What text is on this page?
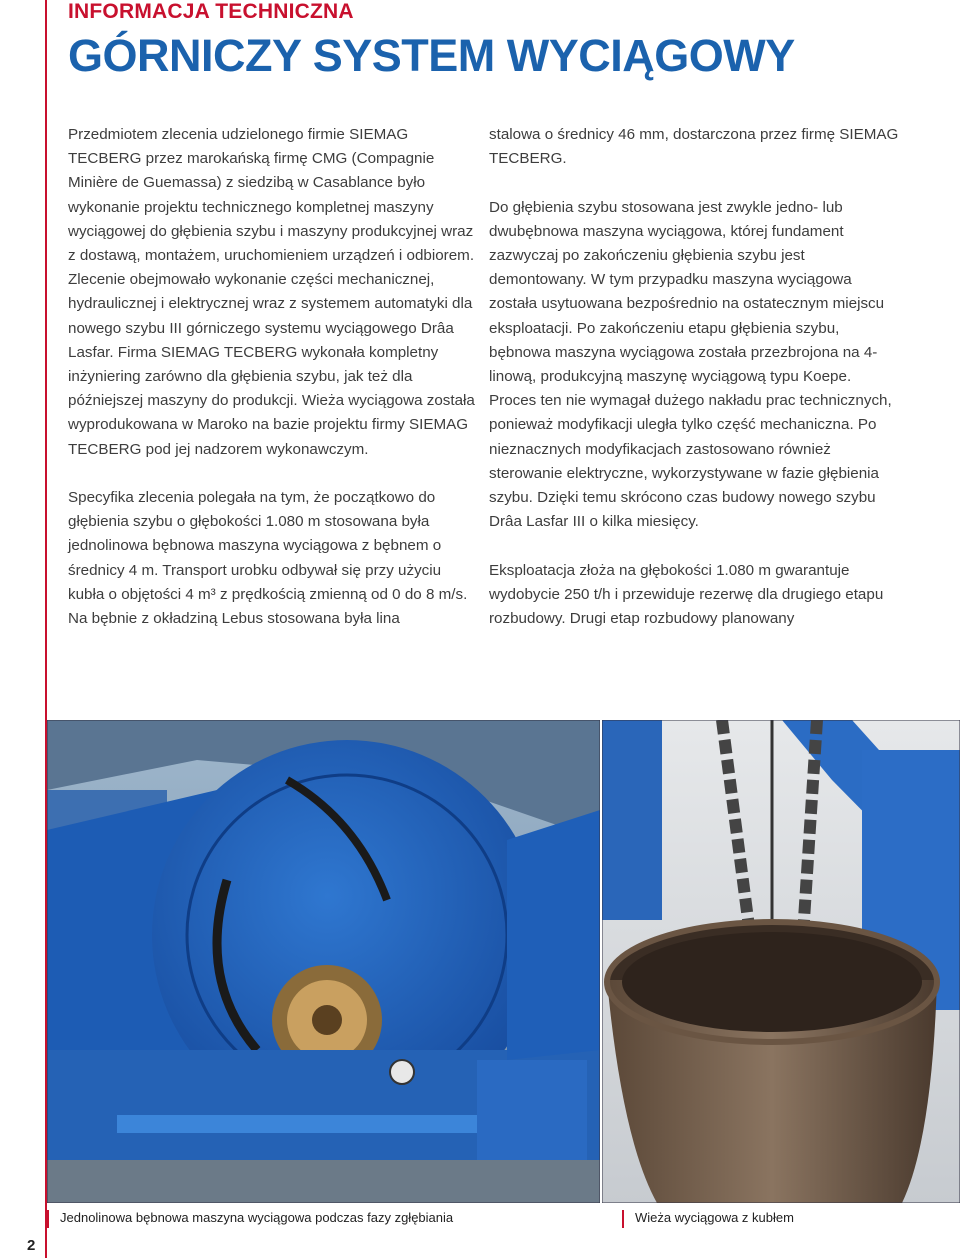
INFORMACJA TECHNICZNA
GÓRNICZY SYSTEM WYCIĄGOWY

Przedmiotem zlecenia udzielonego firmie SIEMAG TECBERG przez marokańską firmę CMG (Compagnie Minière de Guemassa) z siedzibą w Casablance było wykonanie projektu technicznego kompletnej maszyny wyciągowej do głębienia szybu i maszyny produkcyjnej wraz z dostawą, montażem, uruchomieniem urządzeń i odbiorem. Zlecenie obejmowało wykonanie części mechanicznej, hydraulicznej i elektrycznej wraz z systemem automatyki dla nowego szybu III górniczego systemu wyciągowego Drâa Lasfar. Firma SIEMAG TECBERG wykonała kompletny inżyniering zarówno dla głębienia szybu, jak też dla późniejszej maszyny do produkcji. Wieża wyciągowa została wyprodukowana w Maroko na bazie projektu firmy SIEMAG TECBERG pod jej nadzorem wykonawczym.

Specyfika zlecenia polegała na tym, że początkowo do głębienia szybu o głębokości 1.080 m stosowana była jednolinowa bębnowa maszyna wyciągowa z bębnem o średnicy 4 m. Transport urobku odbywał się przy użyciu kubła o objętości 4 m³ z prędkością zmienną od 0 do 8 m/s. Na bębnie z okładziną Lebus stosowana była lina

stalowa o średnicy 46 mm, dostarczona przez firmę SIEMAG TECBERG.

Do głębienia szybu stosowana jest zwykle jedno- lub dwubębnowa maszyna wyciągowa, której fundament zazwyczaj po zakończeniu głębienia szybu jest demontowany. W tym przypadku maszyna wyciągowa została usytuowana bezpośrednio na ostatecznym miejscu eksploatacji. Po zakończeniu etapu głębienia szybu, bębnowa maszyna wyciągowa została przezbrojona na 4-linową, produkcyjną maszynę wyciągową typu Koepe. Proces ten nie wymagał dużego nakładu prac technicznych, ponieważ modyfikacji uległa tylko część mechaniczna. Po nieznacznych modyfikacjach zastosowano również sterowanie elektryczne, wykorzystywane w fazie głębienia szybu. Dzięki temu skrócono czas budowy nowego szybu Drâa Lasfar III o kilka miesięcy.

Eksploatacja złoża na głębokości 1.080 m gwarantuje wydobycie 250 t/h i przewiduje rezerwę dla drugiego etapu rozbudowy. Drugi etap rozbudowy planowany

Jednolinowa bębnowa maszyna wyciągowa podczas fazy zgłębiania	Wieża wyciągowa z kubłem
2
